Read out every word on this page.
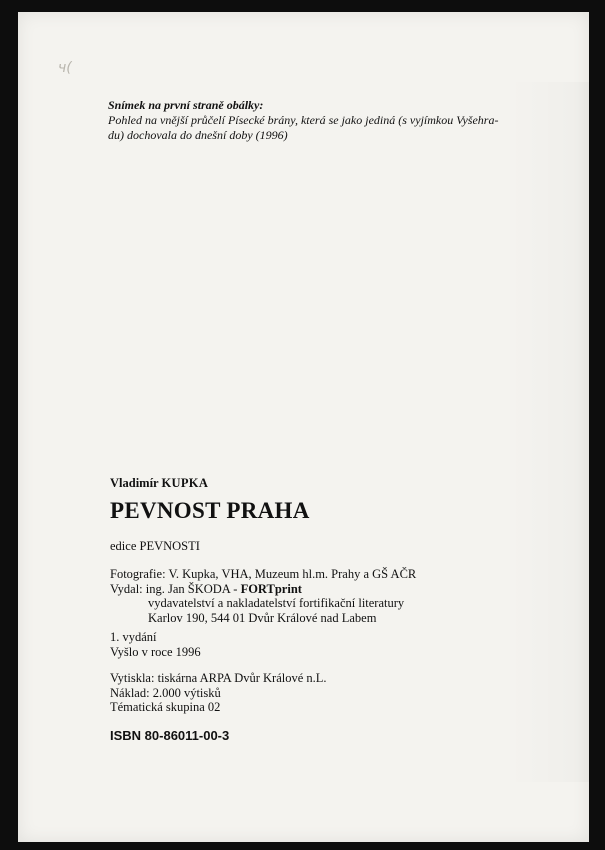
ч(
Snímek na první straně obálky:
Pohled na vnější průčelí Písecké brány, která se jako jediná (s vyjímkou Vyšehra-
du) dochovala do dnešní doby (1996)
Vladimír KUPKA
PEVNOST PRAHA
edice PEVNOSTI
Fotografie: V. Kupka, VHA, Muzeum hl.m. Prahy a GŠ AČR
Vydal: ing. Jan ŠKODA - FORTprint
vydavatelství a nakladatelství fortifikační literatury
Karlov 190, 544 01 Dvůr Králové nad Labem
1. vydání
Vyšlo v roce 1996
Vytiskla: tiskárna ARPA Dvůr Králové n.L.
Náklad: 2.000 výtisků
Tématická skupina 02
ISBN 80-86011-00-3
